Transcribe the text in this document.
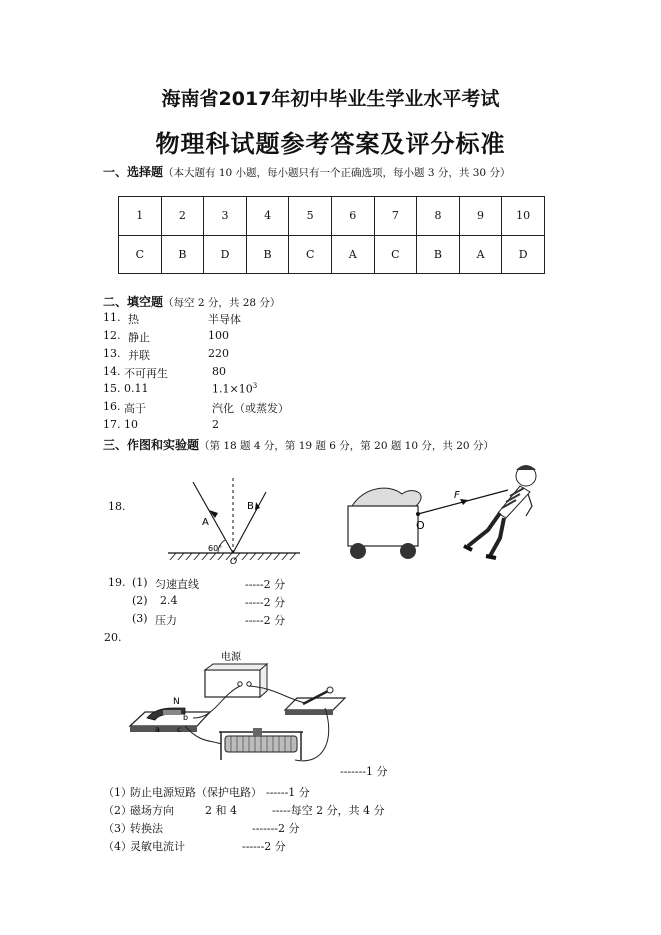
海南省2017年初中毕业生学业水平考试
物理科试题参考答案及评分标准
一、选择题（本大题有 10 小题，每小题只有一个正确选项，每小题 3 分，共 30 分）
1	2	3	4	5	6	7	8	9	10
C	B	D	B	C	A	C	B	A	D
二、填空题（每空 2 分，共 28 分）
11. 热	半导体
12. 静止	100
13. 并联	220
14. 不可再生	80
15. 0.11	$1.1\times 10^3$
16. 高于	汽化（或蒸发）
17. 10	2
三、作图和实验题（第 18 题 4 分，第 19 题 6 分，第 20 题 10 分，共 20 分）
18.
A
B
60°
O
F
O
19. (1) 匀速直线	-----2 分
(2) 2.4	-----2 分
(3) 压力	-----2 分
20.
电源
N
S b
a c
-------1 分
（1）
防止电源短路（保护电路） ------1 分
（2）
磁场方向	2 和 4	-----每空 2 分，共 4 分
（3）
转换法	-------2 分
（4）
灵敏电流计	------2 分
